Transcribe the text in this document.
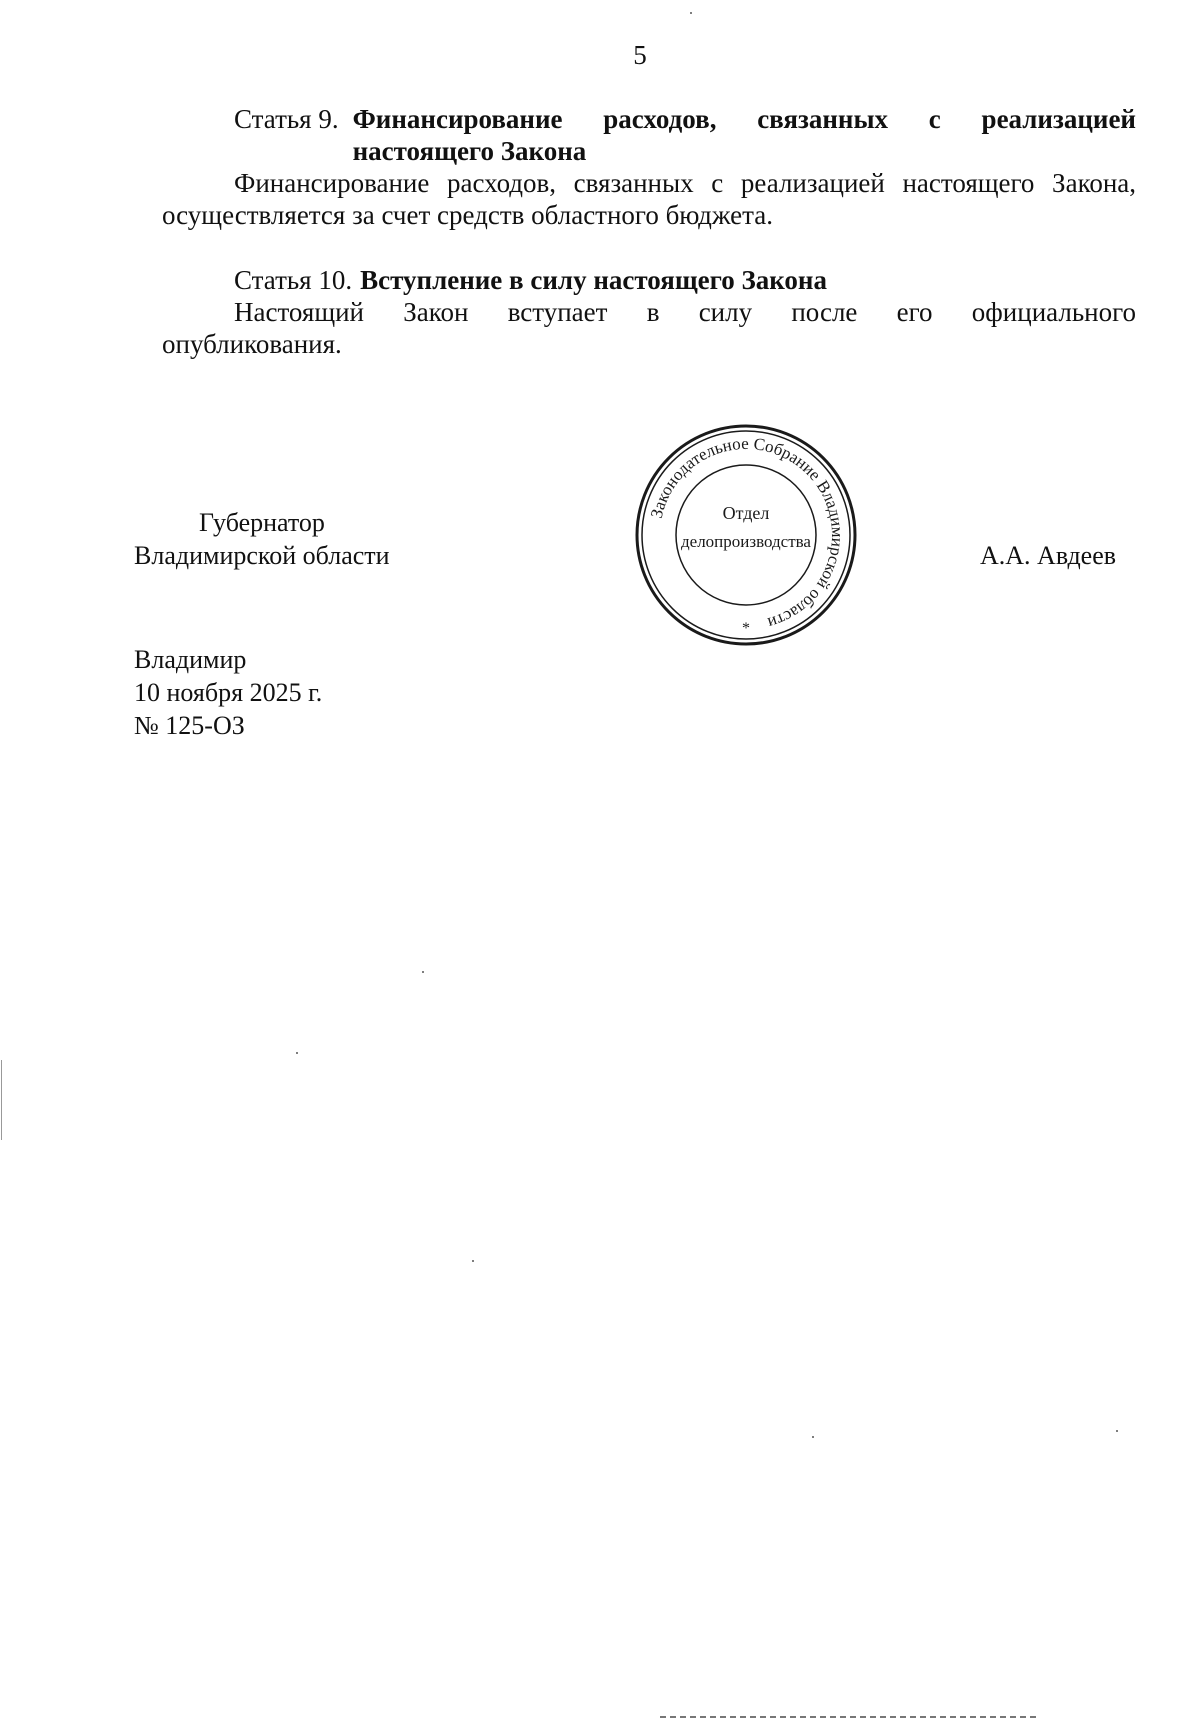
5
Статья 9. Финансирование расходов, связанных с реализацией
настоящего Закона

Финансирование расходов, связанных с реализацией настоящего Закона, осуществляется за счет средств областного бюджета.

Статья 10. Вступление в силу настоящего Закона
Настоящий Закон вступает в силу после его официального
опубликования.
Губернатор
Владимирской области	А.А. Авдеев
Законодательное Собрание Владимирской области
Отдел
делопроизводства
*
Владимир
10 ноября 2025 г.
№ 125-ОЗ
